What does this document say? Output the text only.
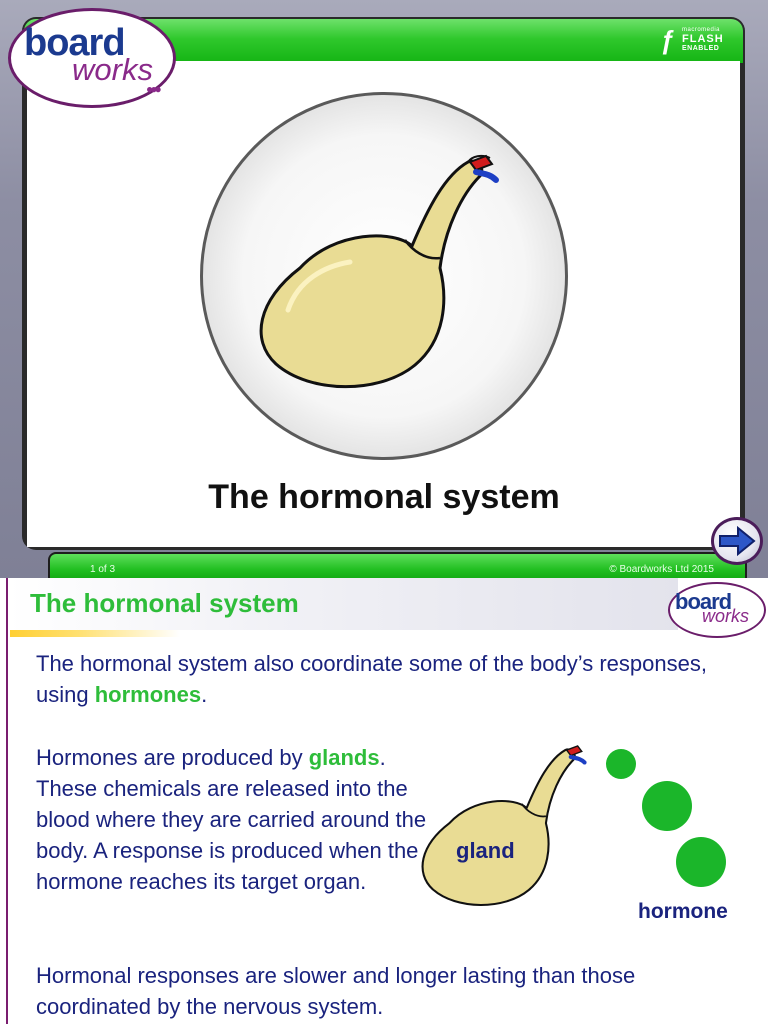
ƒ macromedia
FLASH
ENABLED
board
works
●●●
The hormonal system
1 of 3	© Boardworks Ltd 2015
The hormonal system	board
works
The hormonal system also coordinate some of the body’s responses, using hormones.
Hormones are produced by glands. These chemicals are released into the blood where they are carried around the body. A response is produced when the hormone reaches its target organ.
gland
hormone
Hormonal responses are slower and longer lasting than those coordinated by the nervous system.
